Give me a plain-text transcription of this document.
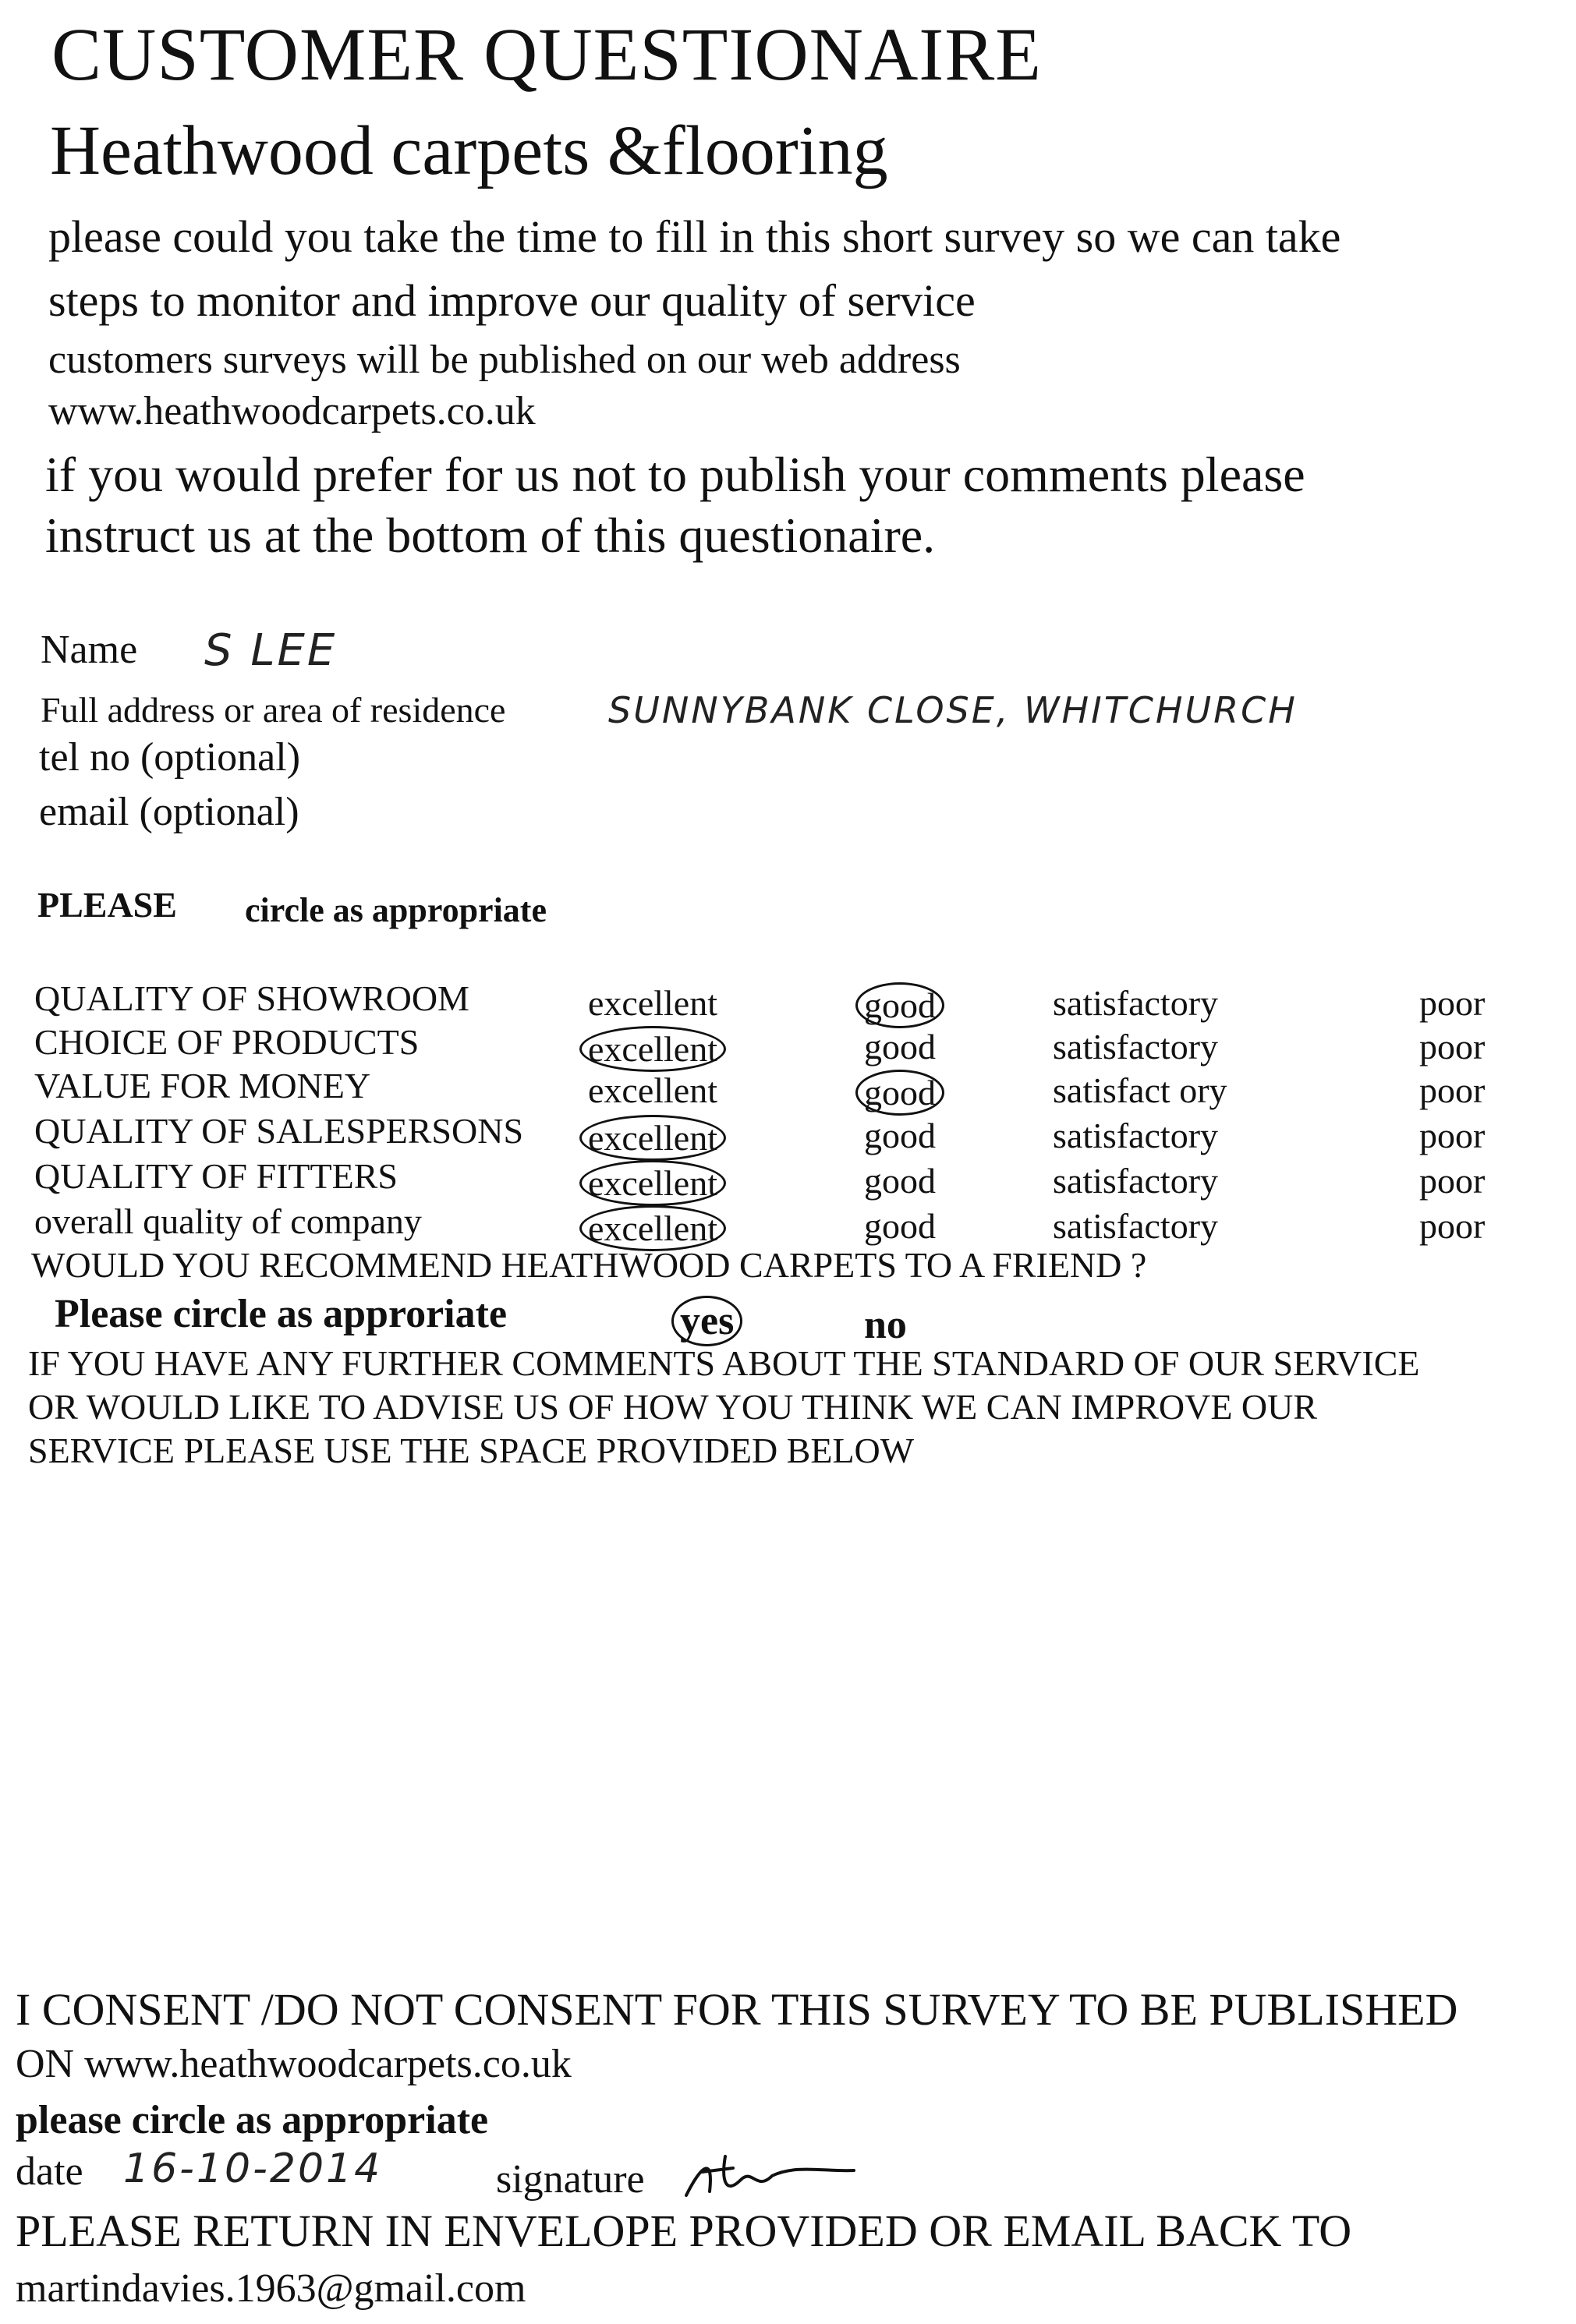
CUSTOMER QUESTIONAIRE
Heathwood carpets &flooring
please could you take the time to fill in this short survey so we can take
steps to monitor and improve our quality of service
customers surveys will be published on our web address
www.heathwoodcarpets.co.uk
if you would prefer for us not to publish your comments please
instruct us at the bottom of this questionaire.
Name S LEE
Full address or area of residence	SUNNYBANK CLOSE, WHITCHURCH
tel no (optional)
email (optional)
PLEASE circle as appropriate
QUALITY OF SHOWROOM	excellent	good	satisfactory	poor
CHOICE OF PRODUCTS	excellent	good	satisfactory	poor
VALUE FOR MONEY	excellent	good	satisfact ory	poor
QUALITY OF SALESPERSONS excellent	good	satisfactory	poor
QUALITY OF FITTERS	excellent	good	satisfactory	poor
overall quality of company	excellent	good	satisfactory	poor
WOULD YOU RECOMMEND HEATHWOOD CARPETS TO A FRIEND ?
Please circle as approriate	yes	no
IF YOU HAVE ANY FURTHER COMMENTS ABOUT THE STANDARD OF OUR SERVICE
OR WOULD LIKE TO ADVISE US OF HOW YOU THINK WE CAN IMPROVE OUR
SERVICE PLEASE USE THE SPACE PROVIDED BELOW
I CONSENT /DO NOT CONSENT FOR THIS SURVEY TO BE PUBLISHED
ON www.heathwoodcarpets.co.uk
please circle as appropriate
date 16-10-2014	signature
PLEASE RETURN IN ENVELOPE PROVIDED OR EMAIL BACK TO
martindavies.1963@gmail.com
